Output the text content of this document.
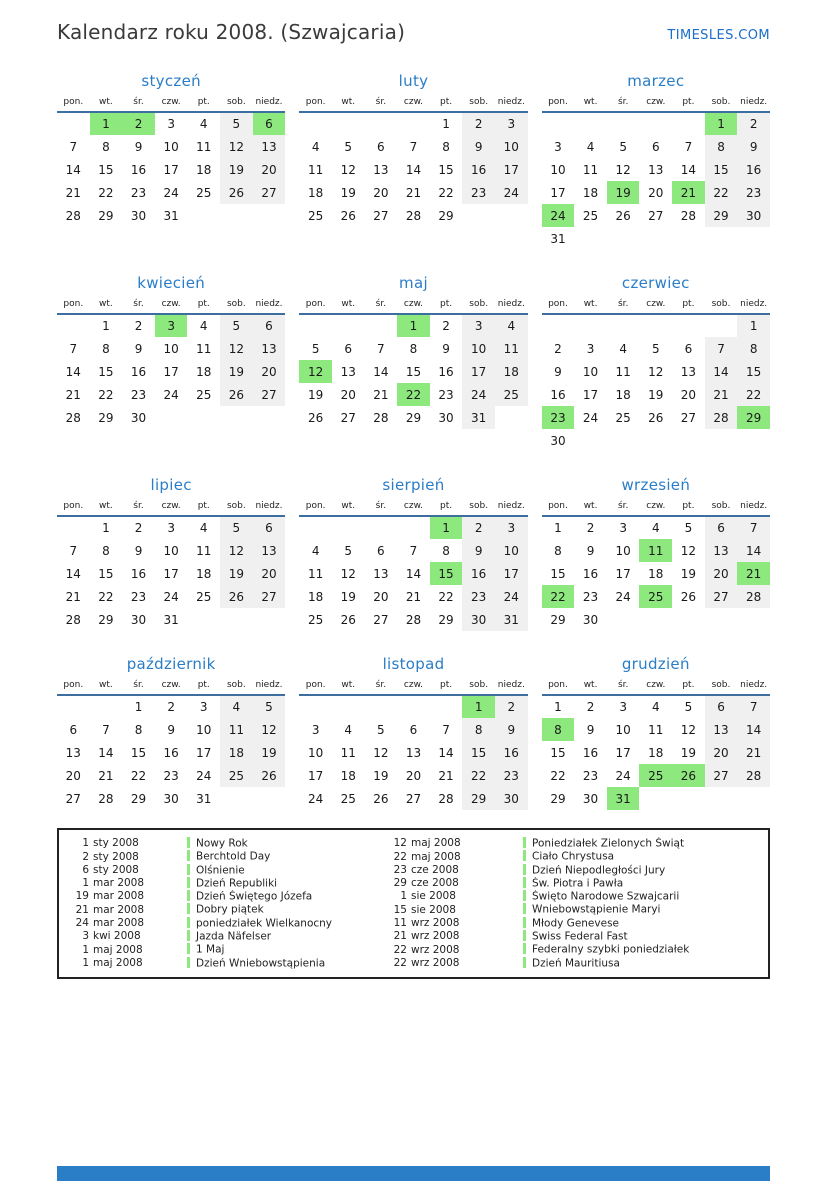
Kalendarz roku 2008. (Szwajcaria)	TIMESLES.COM
styczeń
pon.	wt.	śr.	czw.	pt.	sob.	niedz.
	1	2	3	4	5	6
7	8	9	10	11	12	13
14	15	16	17	18	19	20
21	22	23	24	25	26	27
28	29	30	31			
luty
pon.	wt.	śr.	czw.	pt.	sob.	niedz.
				1	2	3
4	5	6	7	8	9	10
11	12	13	14	15	16	17
18	19	20	21	22	23	24
25	26	27	28	29		
marzec
pon.	wt.	śr.	czw.	pt.	sob.	niedz.
					1	2
3	4	5	6	7	8	9
10	11	12	13	14	15	16
17	18	19	20	21	22	23
24	25	26	27	28	29	30
31						
kwiecień
pon.	wt.	śr.	czw.	pt.	sob.	niedz.
	1	2	3	4	5	6
7	8	9	10	11	12	13
14	15	16	17	18	19	20
21	22	23	24	25	26	27
28	29	30				
maj
pon.	wt.	śr.	czw.	pt.	sob.	niedz.
			1	2	3	4
5	6	7	8	9	10	11
12	13	14	15	16	17	18
19	20	21	22	23	24	25
26	27	28	29	30	31	
czerwiec
pon.	wt.	śr.	czw.	pt.	sob.	niedz.
						1
2	3	4	5	6	7	8
9	10	11	12	13	14	15
16	17	18	19	20	21	22
23	24	25	26	27	28	29
30						
lipiec
pon.	wt.	śr.	czw.	pt.	sob.	niedz.
	1	2	3	4	5	6
7	8	9	10	11	12	13
14	15	16	17	18	19	20
21	22	23	24	25	26	27
28	29	30	31			
sierpień
pon.	wt.	śr.	czw.	pt.	sob.	niedz.
				1	2	3
4	5	6	7	8	9	10
11	12	13	14	15	16	17
18	19	20	21	22	23	24
25	26	27	28	29	30	31
wrzesień
pon.	wt.	śr.	czw.	pt.	sob.	niedz.
1	2	3	4	5	6	7
8	9	10	11	12	13	14
15	16	17	18	19	20	21
22	23	24	25	26	27	28
29	30					
październik
pon.	wt.	śr.	czw.	pt.	sob.	niedz.
		1	2	3	4	5
6	7	8	9	10	11	12
13	14	15	16	17	18	19
20	21	22	23	24	25	26
27	28	29	30	31		
listopad
pon.	wt.	śr.	czw.	pt.	sob.	niedz.
					1	2
3	4	5	6	7	8	9
10	11	12	13	14	15	16
17	18	19	20	21	22	23
24	25	26	27	28	29	30
grudzień
pon.	wt.	śr.	czw.	pt.	sob.	niedz.
1	2	3	4	5	6	7
8	9	10	11	12	13	14
15	16	17	18	19	20	21
22	23	24	25	26	27	28
29	30	31				
1 sty 2008	Nowy Rok	12 maj 2008	Poniedziałek Zielonych Świąt
2 sty 2008	Berchtold Day	22 maj 2008	Ciało Chrystusa
6 sty 2008	Olśnienie	23 cze 2008	Dzień Niepodległości Jury
1 mar 2008	Dzień Republiki	29 cze 2008	Św. Piotra i Pawła
19 mar 2008	Dzień Świętego Józefa	1 sie 2008	Święto Narodowe Szwajcarii
21 mar 2008	Dobry piątek	15 sie 2008	Wniebowstąpienie Maryi
24 mar 2008	poniedziałek Wielkanocny	11 wrz 2008	Młody Genevese
3 kwi 2008	Jazda Näfelser	21 wrz 2008	Swiss Federal Fast
1 maj 2008	1 Maj	22 wrz 2008	Federalny szybki poniedziałek
1 maj 2008	Dzień Wniebowstąpienia	22 wrz 2008	Dzień Mauritiusa
